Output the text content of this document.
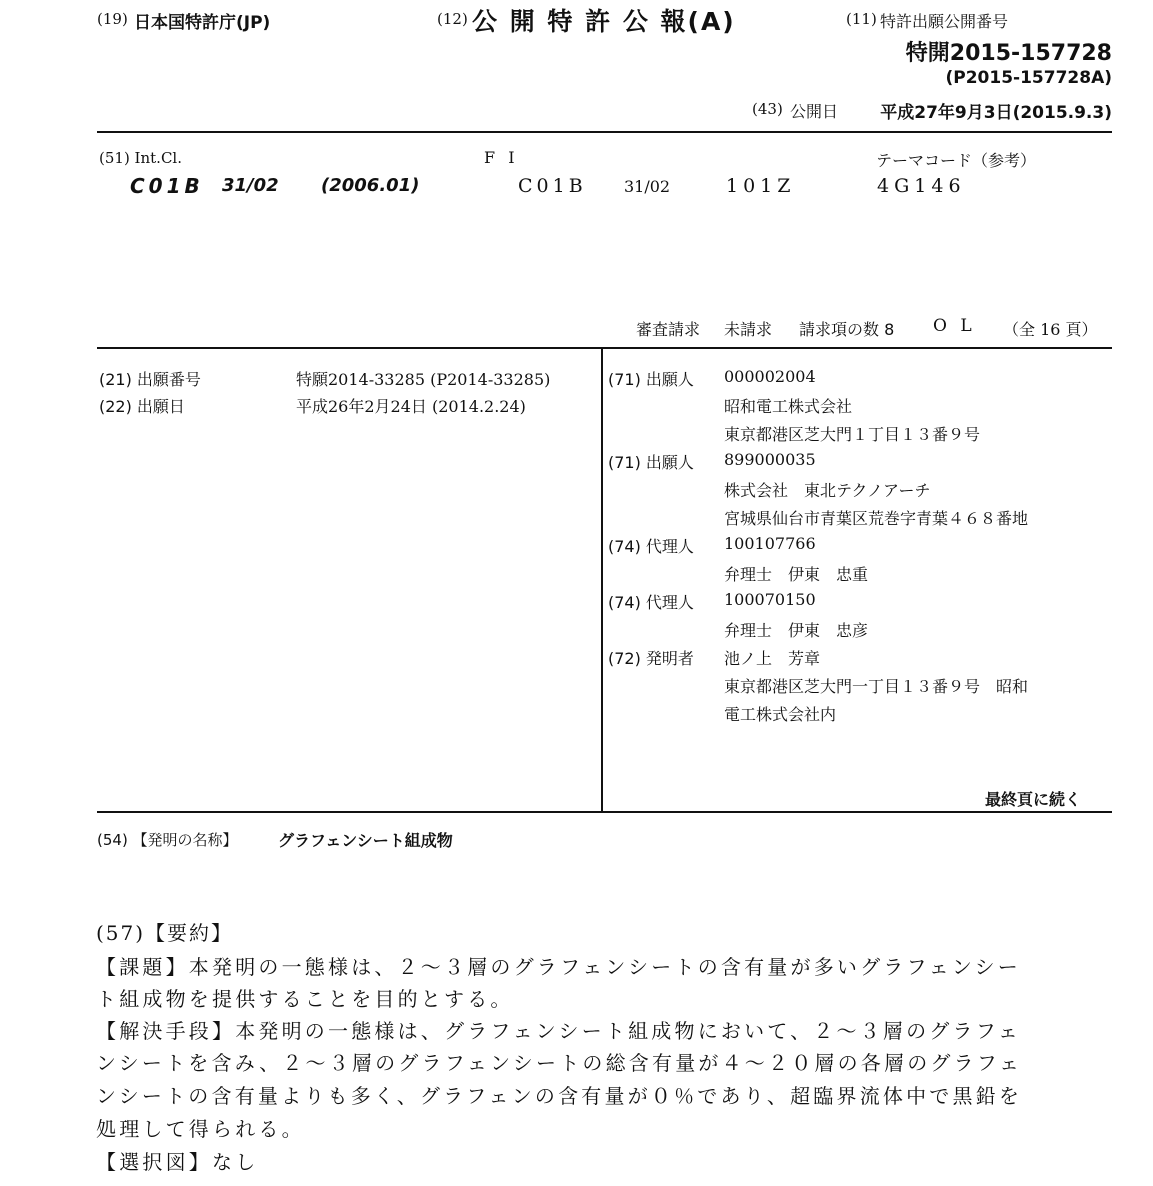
(19) 日本国特許庁(JP)	(12) 公 開 特 許 公 報(A)	(11) 特許出願公開番号
特開2015-157728
(P2015-157728A)
(43) 公開日 平成27年9月3日(2015.9.3)
(51) Int.Cl.
C01B 31/02 (2006.01)
F I
C01B 31/02	101Z
テーマコード（参考）
4G146
審査請求 未請求 請求項の数 8 O L （全 16 頁）
(21) 出願番号	特願2014-33285 (P2014-33285)
(22) 出願日	平成26年2月24日 (2014.2.24)
(71) 出願人 000002004
昭和電工株式会社
東京都港区芝大門１丁目１３番９号
(71) 出願人 899000035
株式会社　東北テクノアーチ
宮城県仙台市青葉区荒巻字青葉４６８番地
(74) 代理人 100107766
弁理士　伊東　忠重
(74) 代理人 100070150
弁理士　伊東　忠彦
(72) 発明者 池ノ上　芳章
東京都港区芝大門一丁目１３番９号　昭和
電工株式会社内
最終頁に続く
(54) 【発明の名称】	グラフェンシート組成物
(57)【要約】
【課題】本発明の一態様は、２～３層のグラフェンシートの含有量が多いグラフェンシー
ト組成物を提供することを目的とする。
【解決手段】本発明の一態様は、グラフェンシート組成物において、２～３層のグラフェ
ンシートを含み、２～３層のグラフェンシートの総含有量が４～２０層の各層のグラフェ
ンシートの含有量よりも多く、グラフェンの含有量が０％であり、超臨界流体中で黒鉛を
処理して得られる。
【選択図】なし
